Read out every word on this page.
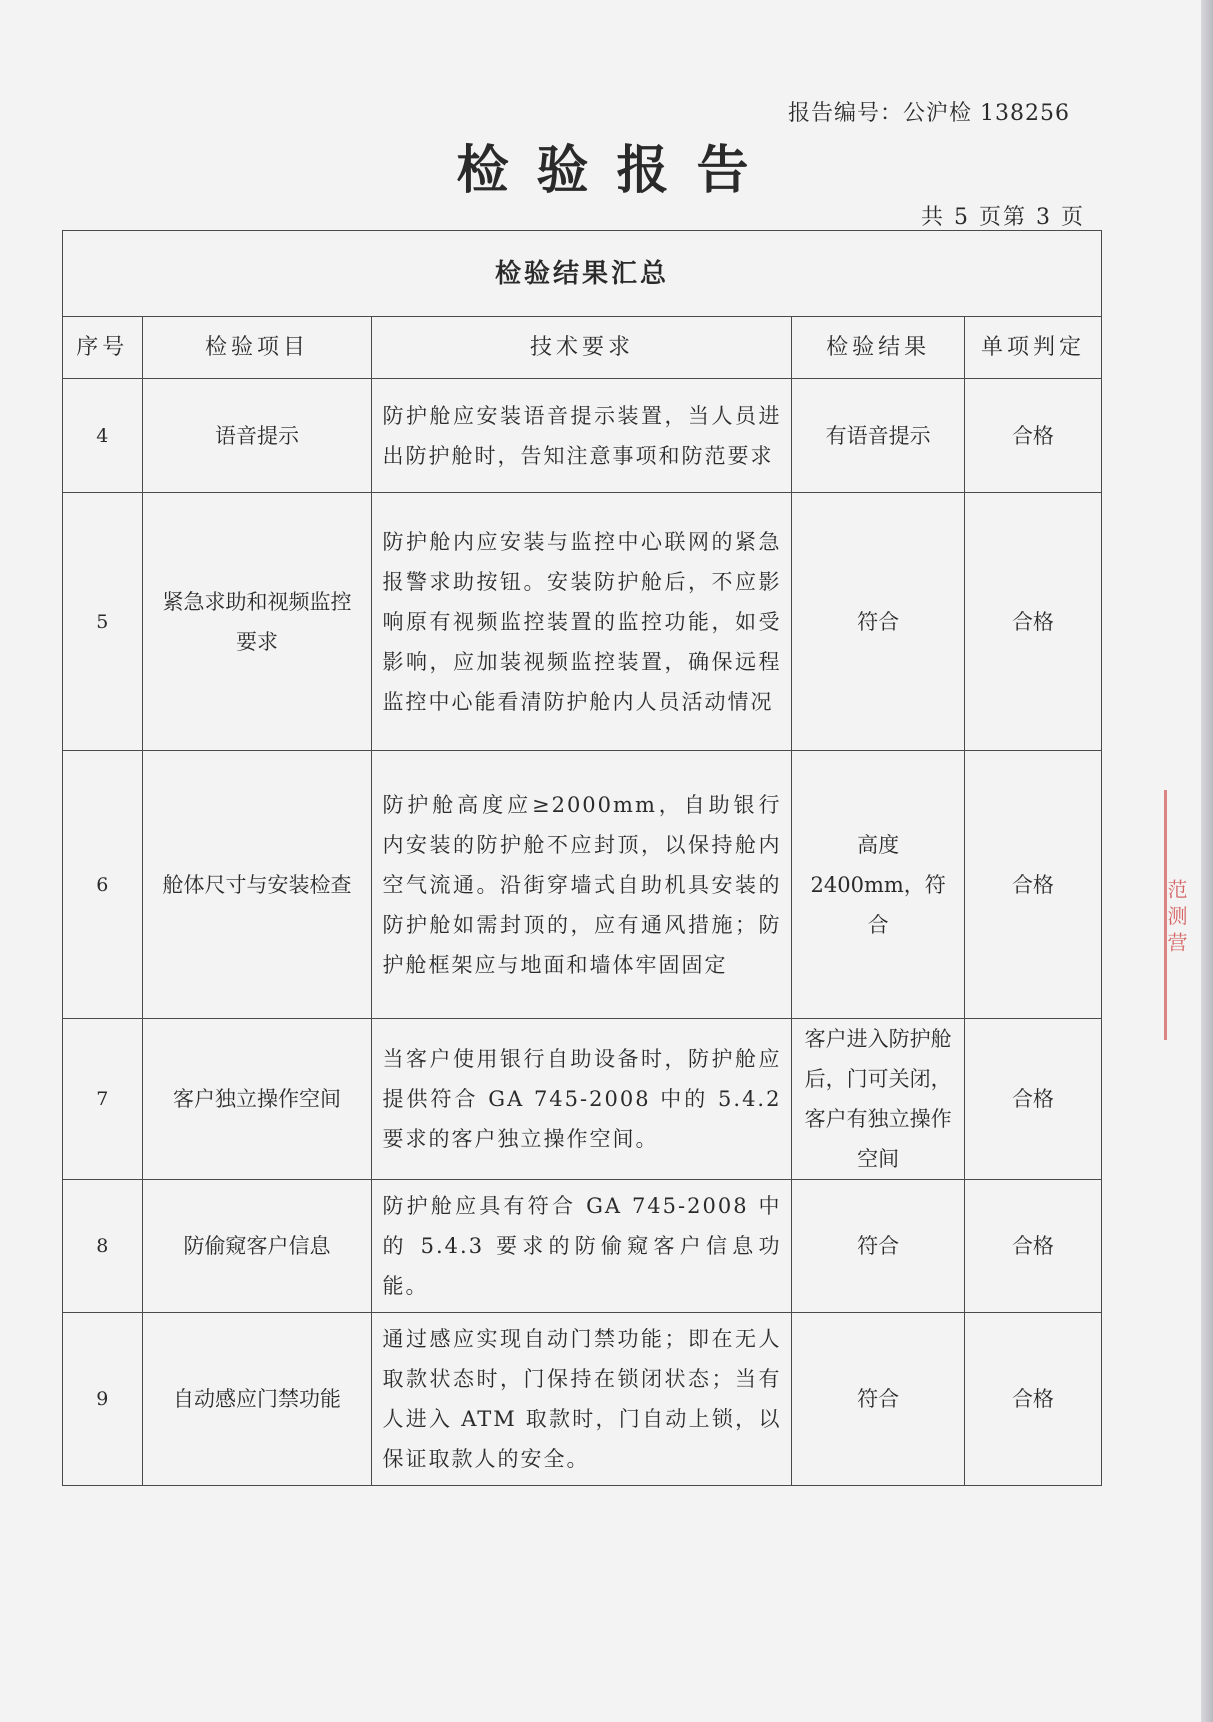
报告编号：公沪检 138256
检验报告
共 5 页第 3 页
检验结果汇总				
序号	检验项目	技术要求	检验结果	单项判定
4	语音提示	防护舱应安装语音提示装置，当人员进出防护舱时，告知注意事项和防范要求	有语音提示	合格
5	紧急求助和视频监控要求	防护舱内应安装与监控中心联网的紧急报警求助按钮。安装防护舱后，不应影响原有视频监控装置的监控功能，如受影响，应加装视频监控装置，确保远程监控中心能看清防护舱内人员活动情况	符合	合格
6	舱体尺寸与安装检查	防护舱高度应≥2000mm，自助银行内安装的防护舱不应封顶，以保持舱内空气流通。沿街穿墙式自助机具安装的防护舱如需封顶的，应有通风措施；防护舱框架应与地面和墙体牢固固定	高度 2400mm，符合	合格
7	客户独立操作空间	当客户使用银行自助设备时，防护舱应提供符合 GA 745-2008 中的 5.4.2 要求的客户独立操作空间。	客户进入防护舱后，门可关闭，客户有独立操作空间	合格
8	防偷窥客户信息	防护舱应具有符合 GA 745-2008 中的 5.4.3 要求的防偷窥客户信息功能。	符合	合格
9	自动感应门禁功能	通过感应实现自动门禁功能；即在无人取款状态时，门保持在锁闭状态；当有人进入 ATM 取款时，门自动上锁，以保证取款人的安全。	符合	合格
范 测 营
